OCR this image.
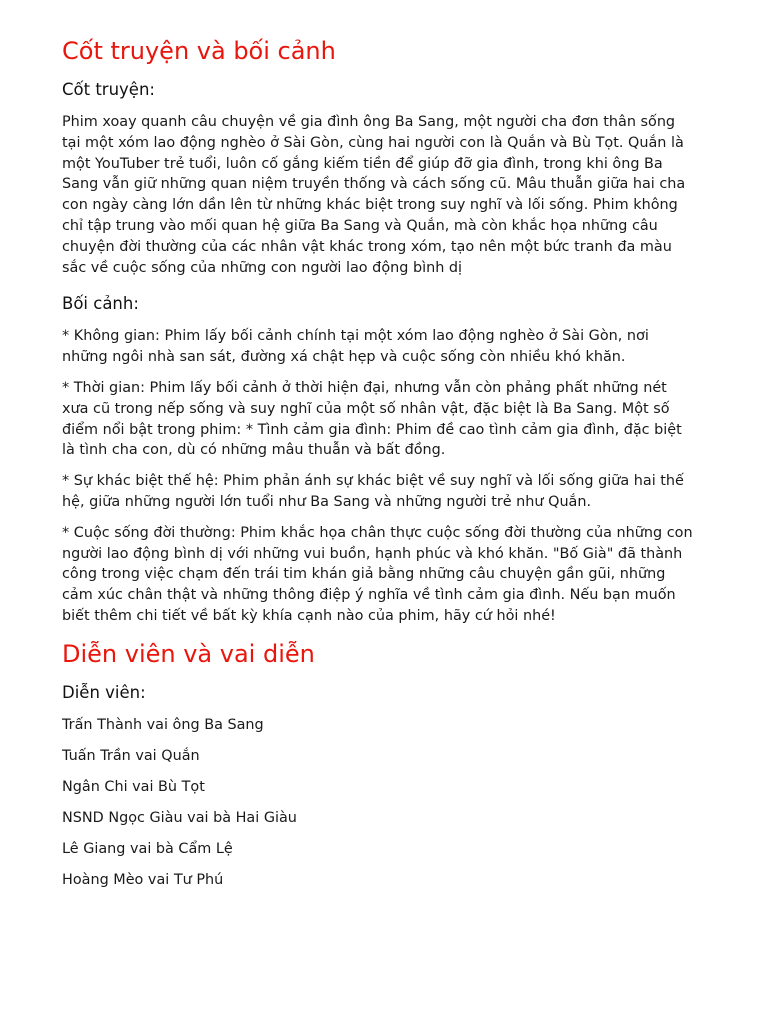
Cốt truyện và bối cảnh
Cốt truyện:

Phim xoay quanh câu chuyện về gia đình ông Ba Sang, một người cha đơn thân sống tại một xóm lao động nghèo ở Sài Gòn, cùng hai người con là Quắn và Bù Tọt. Quắn là một YouTuber trẻ tuổi, luôn cố gắng kiếm tiền để giúp đỡ gia đình, trong khi ông Ba Sang vẫn giữ những quan niệm truyền thống và cách sống cũ. Mâu thuẫn giữa hai cha con ngày càng lớn dần lên từ những khác biệt trong suy nghĩ và lối sống. Phim không chỉ tập trung vào mối quan hệ giữa Ba Sang và Quắn, mà còn khắc họa những câu chuyện đời thường của các nhân vật khác trong xóm, tạo nên một bức tranh đa màu sắc về cuộc sống của những con người lao động bình dị

Bối cảnh:

* Không gian: Phim lấy bối cảnh chính tại một xóm lao động nghèo ở Sài Gòn, nơi những ngôi nhà san sát, đường xá chật hẹp và cuộc sống còn nhiều khó khăn.

* Thời gian: Phim lấy bối cảnh ở thời hiện đại, nhưng vẫn còn phảng phất những nét xưa cũ trong nếp sống và suy nghĩ của một số nhân vật, đặc biệt là Ba Sang. Một số điểm nổi bật trong phim: * Tình cảm gia đình: Phim đề cao tình cảm gia đình, đặc biệt là tình cha con, dù có những mâu thuẫn và bất đồng.

* Sự khác biệt thế hệ: Phim phản ánh sự khác biệt về suy nghĩ và lối sống giữa hai thế hệ, giữa những người lớn tuổi như Ba Sang và những người trẻ như Quắn.

* Cuộc sống đời thường: Phim khắc họa chân thực cuộc sống đời thường của những con người lao động bình dị với những vui buồn, hạnh phúc và khó khăn. "Bố Già" đã thành công trong việc chạm đến trái tim khán giả bằng những câu chuyện gần gũi, những cảm xúc chân thật và những thông điệp ý nghĩa về tình cảm gia đình. Nếu bạn muốn biết thêm chi tiết về bất kỳ khía cạnh nào của phim, hãy cứ hỏi nhé!

Diễn viên và vai diễn
Diễn viên:

Trấn Thành vai ông Ba Sang

Tuấn Trần vai Quắn

Ngân Chi vai Bù Tọt

NSND Ngọc Giàu vai bà Hai Giàu

Lê Giang vai bà Cẩm Lệ

Hoàng Mèo vai Tư Phú
